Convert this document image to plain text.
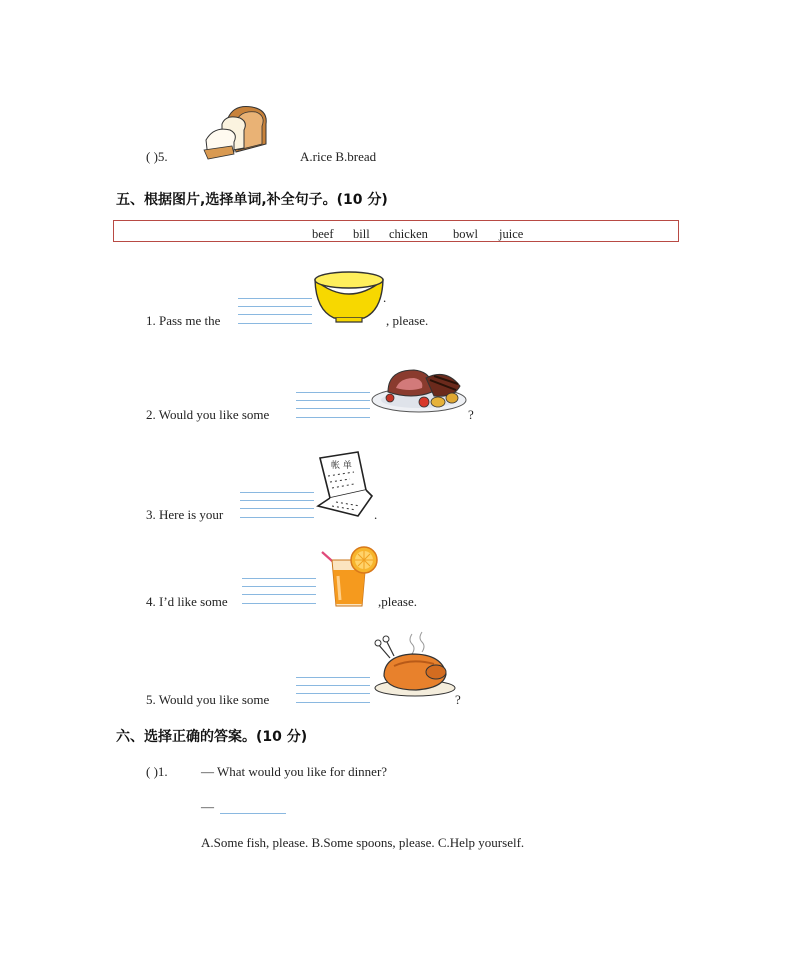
( )5.	A.rice B.bread
五、根据图片,选择单词,补全句子。(10 分)
beef bill chicken bowl juice
1. Pass me the
.
, please.
2. Would you like some	?
3. Here is your
帐 单
.
4. I’d like some	,please.
5. Would you like some	?
六、选择正确的答案。(10 分)
( )1.	— What would you like for dinner?
—
A.Some fish, please. B.Some spoons, please. C.Help yourself.
